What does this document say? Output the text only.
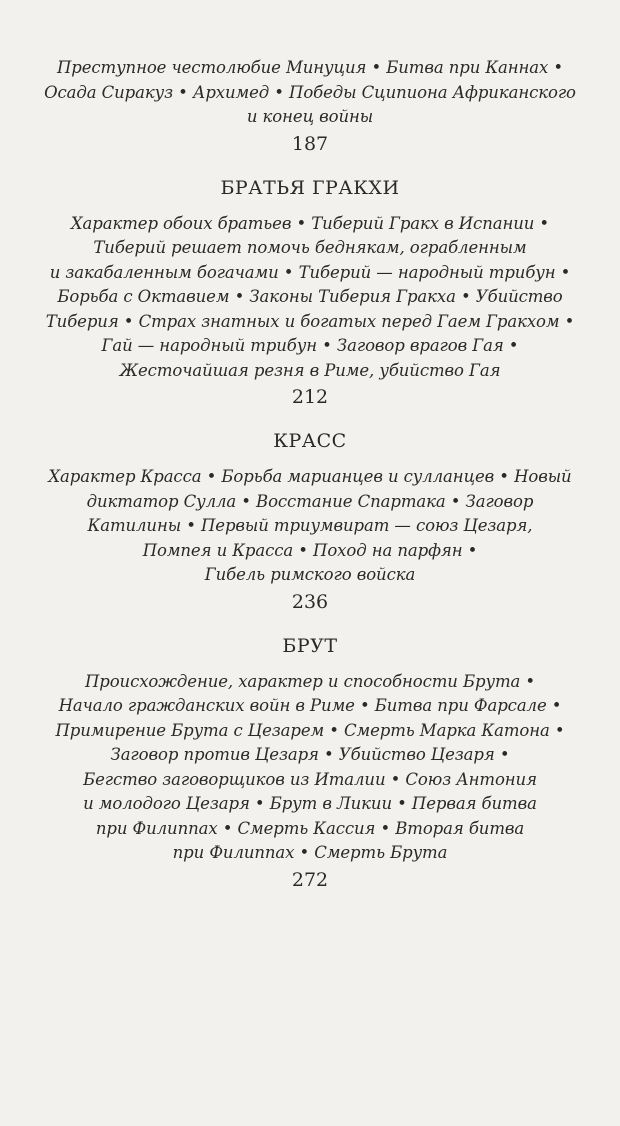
Преступное честолюбие Минуция • Битва при Каннах •
Осада Сиракуз • Архимед • Победы Сципиона Африканского
и конец войны
187
БРАТЬЯ ГРАКХИ
Характер обоих братьев • Тиберий Гракх в Испании •
Тиберий решает помочь беднякам, ограбленным
и закабаленным богачами • Тиберий — народный трибун •
Борьба с Октавием • Законы Тиберия Гракха • Убийство
Тиберия • Страх знатных и богатых перед Гаем Гракхом •
Гай — народный трибун • Заговор врагов Гая •
Жесточайшая резня в Риме, убийство Гая
212
КРАСС
Характер Красса • Борьба марианцев и сулланцев • Новый
диктатор Сулла • Восстание Спартака • Заговор
Катилины • Первый триумвират — союз Цезаря,
Помпея и Красса • Поход на парфян •
Гибель римского войска
236
БРУТ
Происхождение, характер и способности Брута •
Начало гражданских войн в Риме • Битва при Фарсале •
Примирение Брута с Цезарем • Смерть Марка Катона •
Заговор против Цезаря • Убийство Цезаря •
Бегство заговорщиков из Италии • Союз Антония
и молодого Цезаря • Брут в Ликии • Первая битва
при Филиппах • Смерть Кассия • Вторая битва
при Филиппах • Смерть Брута
272
